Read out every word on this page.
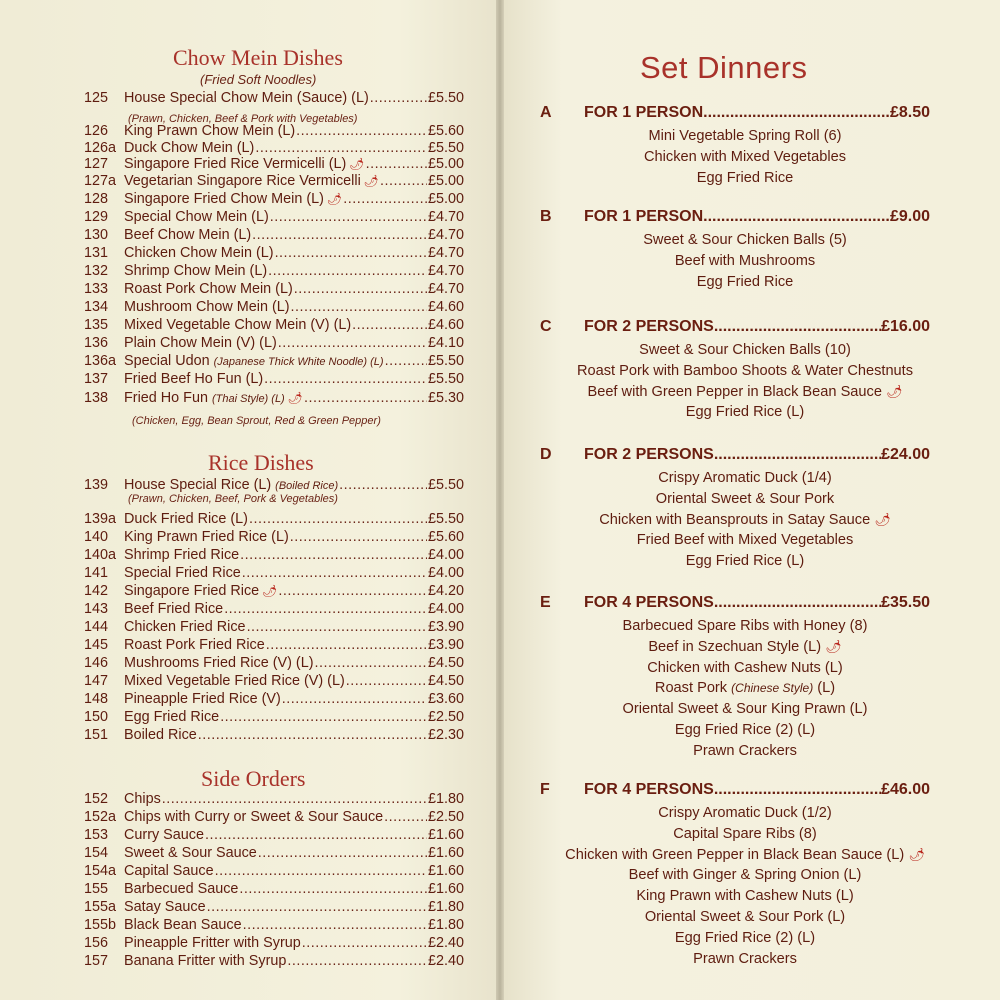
Chow Mein Dishes
(Fried Soft Noodles)
(Prawn, Chicken, Beef & Pork with Vegetables)
(Chicken, Egg, Bean Sprout, Red & Green Pepper)
Rice Dishes
(Prawn, Chicken, Beef, Pork & Vegetables)
Side Orders
125	House Special Chow Mein (Sauce) (L) .....	£5.50
126	King Prawn Chow Mein (L) .....	£5.60
126a Duck Chow Mein (L) .....	£5.50
127	Singapore Fried Rice Vermicelli (L) 🌶 .....	£5.00
127a Vegetarian Singapore Rice Vermicelli 🌶 .....	£5.00
128	Singapore Fried Chow Mein (L) 🌶 .....	£5.00
129	Special Chow Mein (L) .....	£4.70
130	Beef Chow Mein (L) .....	£4.70
131	Chicken Chow Mein (L) .....	£4.70
132	Shrimp Chow Mein (L) .....	£4.70
133	Roast Pork Chow Mein (L) .....	£4.70
134	Mushroom Chow Mein (L) .....	£4.60
135	Mixed Vegetable Chow Mein (V) (L) .....	£4.60
136	Plain Chow Mein (V) (L) .....	£4.10
136a Special Udon (Japanese Thick White Noodle) (L) .....	£5.50
137	Fried Beef Ho Fun (L) .....	£5.50
138	Fried Ho Fun (Thai Style) (L) 🌶 .....	£5.30
139	House Special Rice (L) (Boiled Rice) .....	£5.50
139a Duck Fried Rice (L) .....	£5.50
140	King Prawn Fried Rice (L) .....	£5.60
140a Shrimp Fried Rice .....	£4.00
141	Special Fried Rice .....	£4.00
142	Singapore Fried Rice 🌶 .....	£4.20
143	Beef Fried Rice .....	£4.00
144	Chicken Fried Rice .....	£3.90
145	Roast Pork Fried Rice .....	£3.90
146	Mushrooms Fried Rice (V) (L) .....	£4.50
147	Mixed Vegetable Fried Rice (V) (L) .....	£4.50
148	Pineapple Fried Rice (V) .....	£3.60
150	Egg Fried Rice .....	£2.50
151	Boiled Rice .....	£2.30
152	Chips .....	£1.80
152a Chips with Curry or Sweet & Sour Sauce .....	£2.50
153	Curry Sauce .....	£1.60
154	Sweet & Sour Sauce .....	£1.60
154a Capital Sauce .....	£1.60
155	Barbecued Sauce .....	£1.60
155a Satay Sauce .....	£1.80
155b Black Bean Sauce .....	£1.80
156	Pineapple Fritter with Syrup .....	£2.40
157	Banana Fritter with Syrup .....	£2.40
Set Dinners
A	FOR 1 PERSON .....	£8.50
Mini Vegetable Spring Roll (6)
Chicken with Mixed Vegetables
Egg Fried Rice
B	FOR 1 PERSON .....	£9.00
Sweet & Sour Chicken Balls (5)
Beef with Mushrooms
Egg Fried Rice
C	FOR 2 PERSONS .....	£16.00
Sweet & Sour Chicken Balls (10)
Roast Pork with Bamboo Shoots & Water Chestnuts
Beef with Green Pepper in Black Bean Sauce 🌶
Egg Fried Rice (L)
D	FOR 2 PERSONS .....	£24.00
Crispy Aromatic Duck (1/4)
Oriental Sweet & Sour Pork
Chicken with Beansprouts in Satay Sauce 🌶
Fried Beef with Mixed Vegetables
Egg Fried Rice (L)
E	FOR 4 PERSONS .....	£35.50
Barbecued Spare Ribs with Honey (8)
Beef in Szechuan Style (L) 🌶
Chicken with Cashew Nuts (L)
Roast Pork (Chinese Style) (L)
Oriental Sweet & Sour King Prawn (L)
Egg Fried Rice (2) (L)
Prawn Crackers
F	FOR 4 PERSONS .....	£46.00
Crispy Aromatic Duck (1/2)
Capital Spare Ribs (8)
Chicken with Green Pepper in Black Bean Sauce (L) 🌶
Beef with Ginger & Spring Onion (L)
King Prawn with Cashew Nuts (L)
Oriental Sweet & Sour Pork (L)
Egg Fried Rice (2) (L)
Prawn Crackers
